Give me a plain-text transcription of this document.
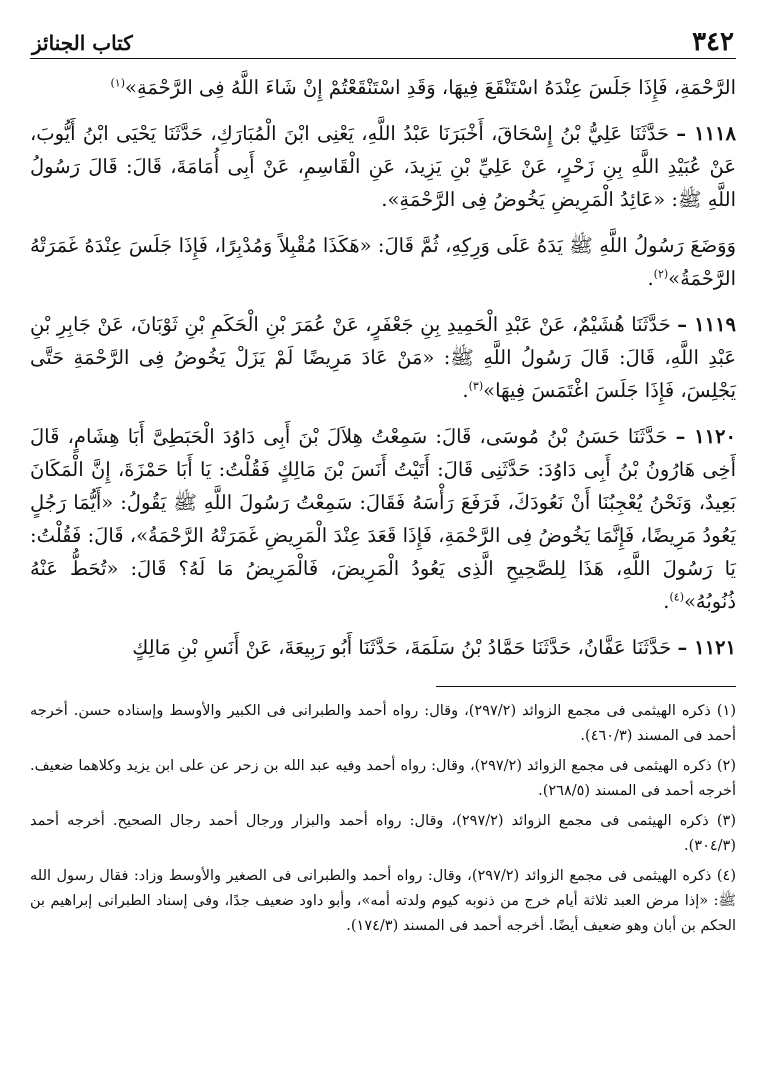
٣٤٢
كتاب الجنائز

الرَّحْمَةِ، فَإِذَا جَلَسَ عِنْدَهُ اسْتَنْقَعَ فِيهَا، وَقَدِ اسْتَنْقَعْتُمْ إِنْ شَاءَ اللَّهُ فِى الرَّحْمَةِ»$^{(١)}$

١١١٨ – حَدَّثَنَا عَلِيُّ بْنُ إِسْحَاقَ، أَخْبَرَنَا عَبْدُ اللَّهِ، يَعْنِى ابْنَ الْمُبَارَكِ، حَدَّثَنَا يَحْيَى ابْنُ أَيُّوبَ، عَنْ عُبَيْدِ اللَّهِ بِنِ زَحْرٍ، عَنْ عَلِيِّ بْنِ يَزِيدَ، عَنِ الْقَاسِمِ، عَنْ أَبِى أُمَامَةَ، قَالَ: قَالَ رَسُولُ اللَّهِ ﷺ: «عَائِدُ الْمَرِيضِ يَخُوضُ فِى الرَّحْمَةِ».

وَوَضَعَ رَسُولُ اللَّهِ ﷺ يَدَهُ عَلَى وَرِكِهِ، ثُمَّ قَالَ: «هَكَذَا مُقْبِلاً وَمُدْبِرًا، فَإِذَا جَلَسَ عِنْدَهُ غَمَرَتْهُ الرَّحْمَةُ»$^{(٢)}$.

١١١٩ – حَدَّثَنَا هُشَيْمٌ، عَنْ عَبْدِ الْحَمِيدِ بِنِ جَعْفَرٍ، عَنْ عُمَرَ بْنِ الْحَكَمِ بْنِ ثَوْبَانَ، عَنْ جَابِرِ بْنِ عَبْدِ اللَّهِ، قَالَ: قَالَ رَسُولُ اللَّهِ ﷺ: «مَنْ عَادَ مَرِيضًا لَمْ يَزَلْ يَخُوضُ فِى الرَّحْمَةِ حَتَّى يَجْلِسَ، فَإِذَا جَلَسَ اغْتَمَسَ فِيهَا»$^{(٣)}$.

١١٢٠ – حَدَّثَنَا حَسَنُ بْنُ مُوسَى، قَالَ: سَمِعْتُ هِلاَلَ بْنَ أَبِى دَاوُدَ الْحَبَطِىَّ أَبَا هِشَامٍ، قَالَ أَخِى هَارُونُ بْنُ أَبِى دَاوُدَ: حَدَّثَنِى قَالَ: أَتَيْتُ أَنَسَ بْنَ مَالِكٍ فَقُلْتُ: يَا أَبَا حَمْزَةَ، إِنَّ الْمَكَانَ بَعِيدٌ، وَنَحْنُ يُعْجِبُنَا أَنْ نَعُودَكَ، فَرَفَعَ رَأْسَهُ فَقَالَ: سَمِعْتُ رَسُولَ اللَّهِ ﷺ يَقُولُ: «أَيُّمَا رَجُلٍ يَعُودُ مَرِيضًا، فَإِنَّمَا يَخُوضُ فِى الرَّحْمَةِ، فَإِذَا قَعَدَ عِنْدَ الْمَرِيضِ غَمَرَتْهُ الرَّحْمَةُ»، قَالَ: فَقُلْتُ: يَا رَسُولَ اللَّهِ، هَذَا لِلصَّحِيحِ الَّذِى يَعُودُ الْمَرِيضَ، فَالْمَرِيضُ مَا لَهُ؟ قَالَ: «تُحَطُّ عَنْهُ ذُنُوبُهُ»$^{(٤)}$.

١١٢١ – حَدَّثَنَا عَفَّانُ، حَدَّثَنَا حَمَّادُ بْنُ سَلَمَةَ، حَدَّثَنَا أَبُو رَبِيعَةَ، عَنْ أَنَسِ بْنِ مَالِكٍ

(١) ذكره الهيثمى فى مجمع الزوائد (٢٩٧/٢)، وقال: رواه أحمد والطبرانى فى الكبير والأوسط وإسناده حسن. أخرجه أحمد فى المسند (٤٦٠/٣).

(٢) ذكره الهيثمى فى مجمع الزوائد (٢٩٧/٢)، وقال: رواه أحمد وفيه عبد الله بن زحر عن على ابن يزيد وكلاهما ضعيف. أخرجه أحمد فى المسند (٢٦٨/٥).

(٣) ذكره الهيثمى فى مجمع الزوائد (٢٩٧/٢)، وقال: رواه أحمد والبزار ورجال أحمد رجال الصحيح. أخرجه أحمد (٣٠٤/٣).

(٤) ذكره الهيثمى فى مجمع الزوائد (٢٩٧/٢)، وقال: رواه أحمد والطبرانى فى الصغير والأوسط وزاد: فقال رسول الله ﷺ: «إذا مرض العبد ثلاثة أيام خرج من ذنوبه كيوم ولدته أمه»، وأبو داود ضعيف جدًا، وفى إسناد الطبرانى إبراهيم بن الحكم بن أبان وهو ضعيف أيضًا. أخرجه أحمد فى المسند (١٧٤/٣).
